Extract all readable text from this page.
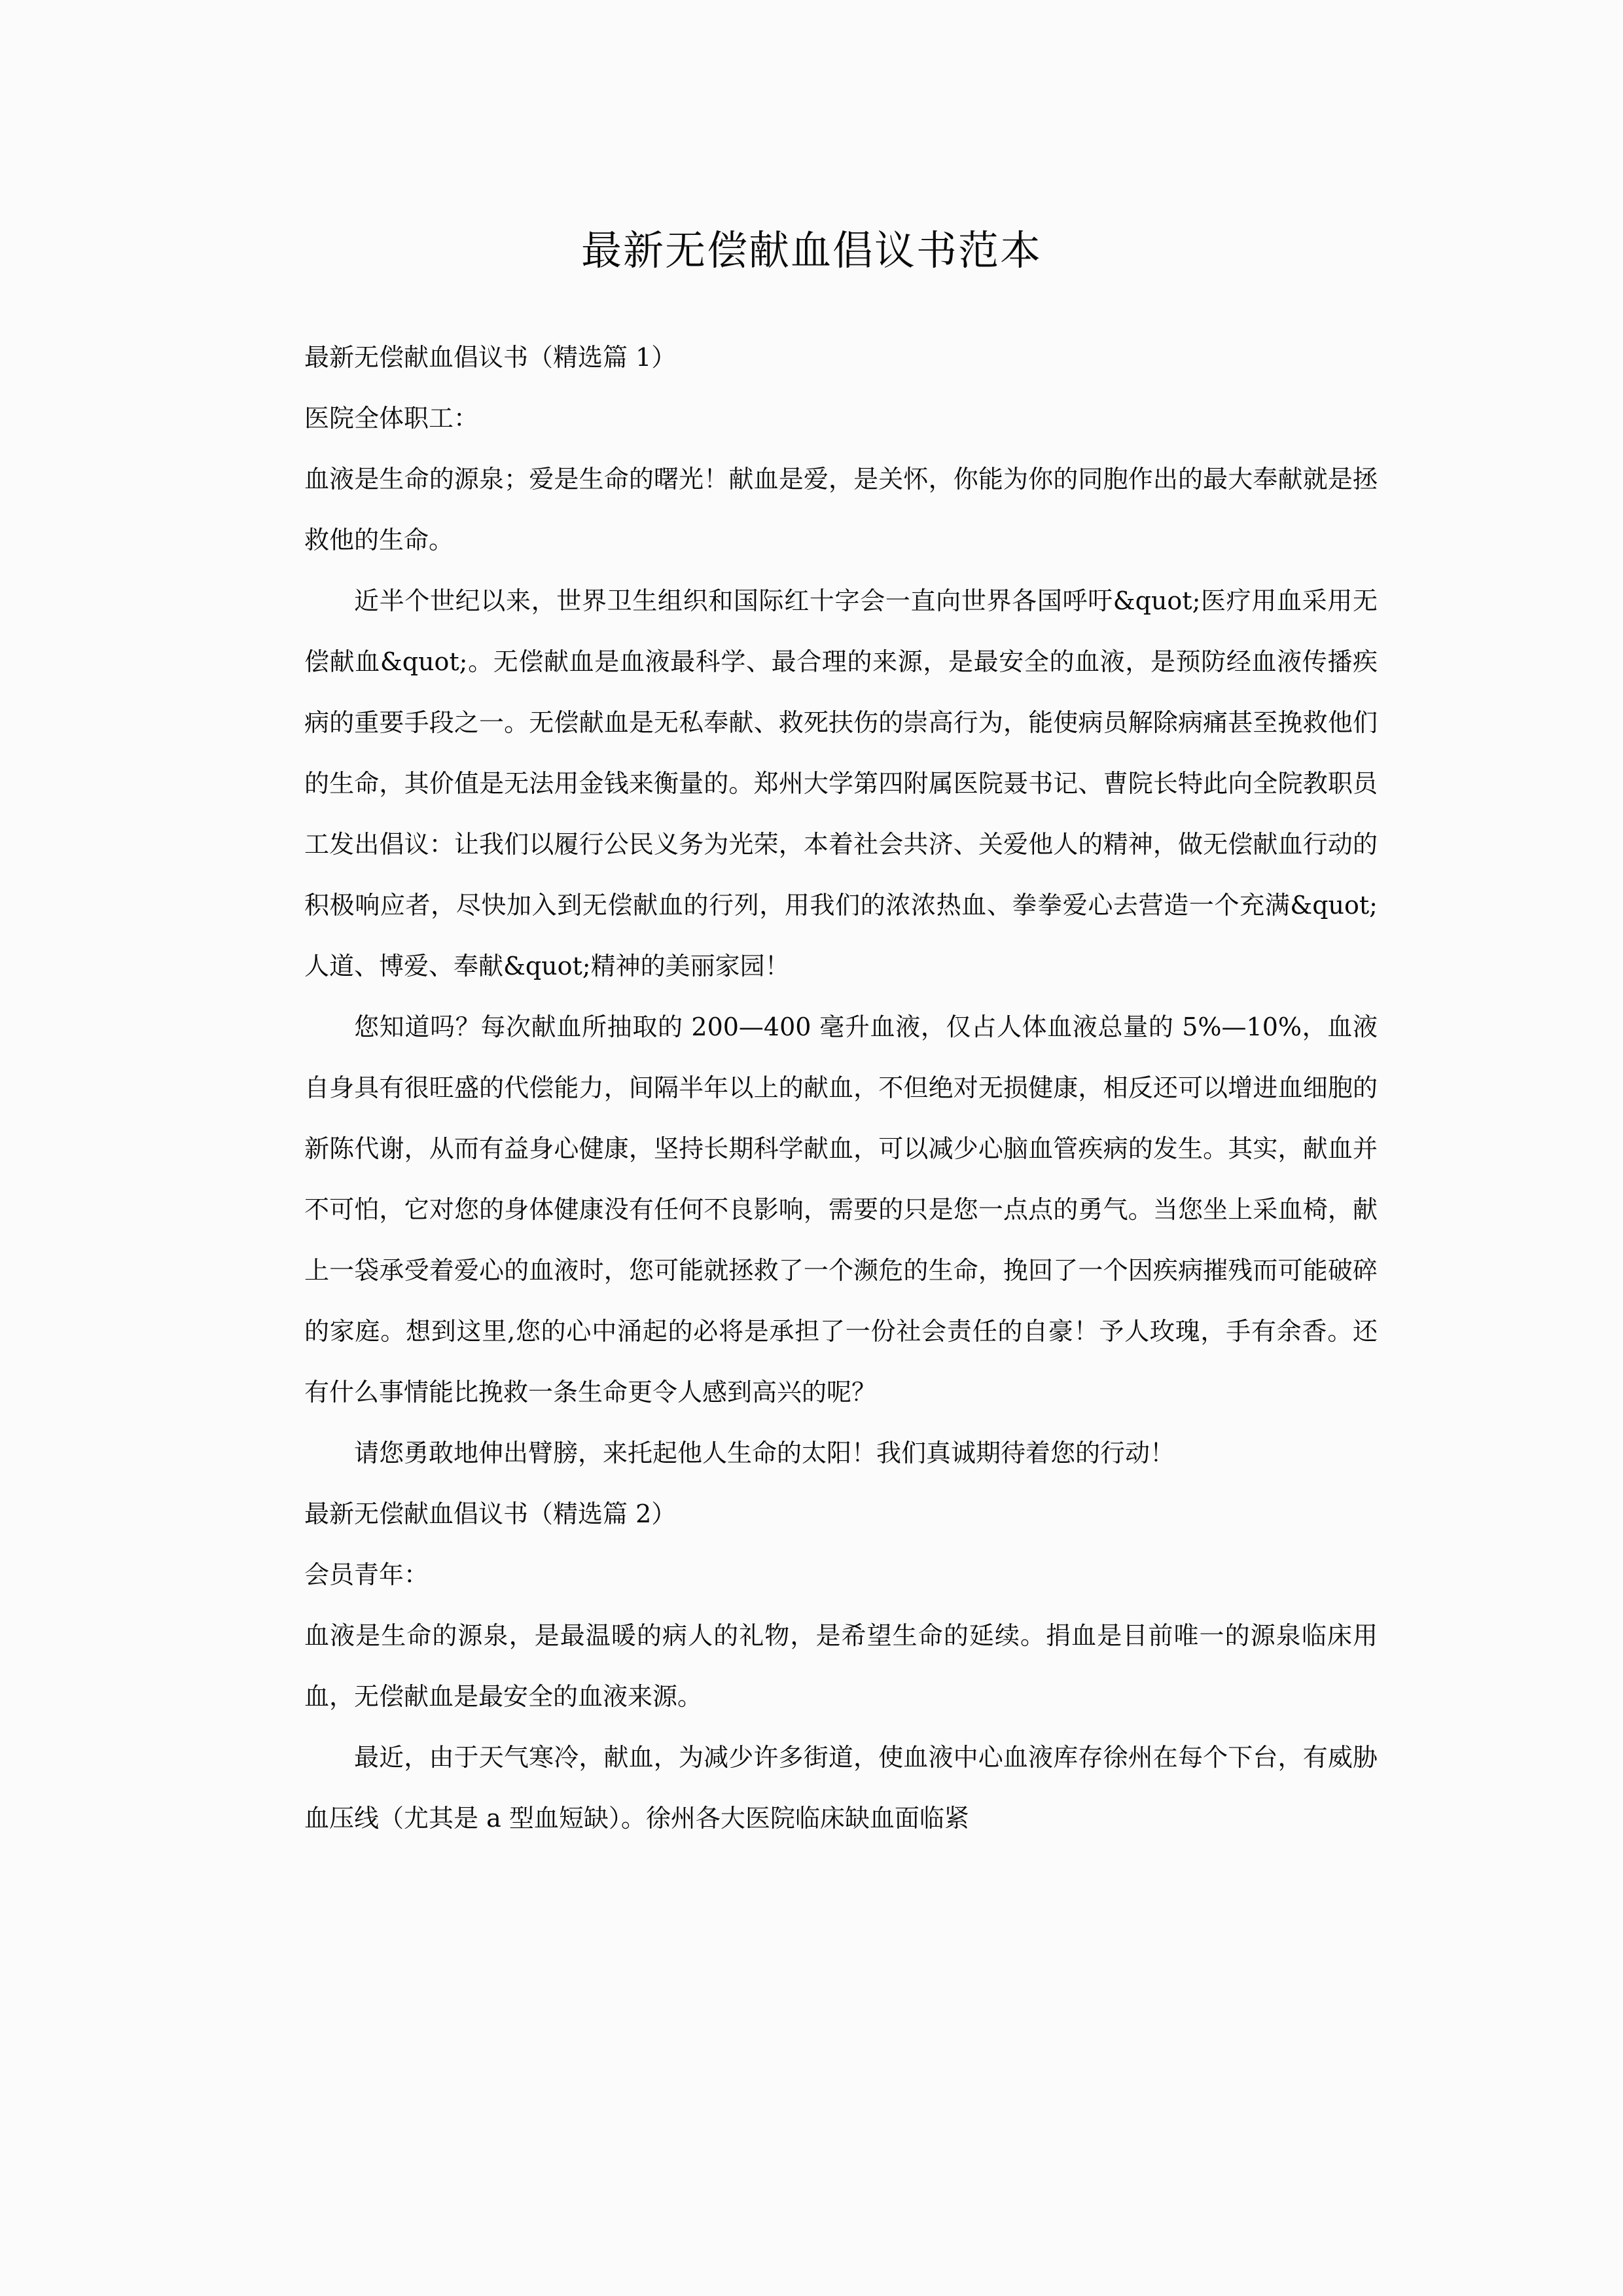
最新无偿献血倡议书范本

最新无偿献血倡议书（精选篇 1）

医院全体职工：

血液是生命的源泉；爱是生命的曙光！献血是爱，是关怀，你能为你的同胞作出的最大奉献就是拯救他的生命。

近半个世纪以来，世界卫生组织和国际红十字会一直向世界各国呼吁&quot;医疗用血采用无偿献血&quot;。无偿献血是血液最科学、最合理的来源，是最安全的血液，是预防经血液传播疾病的重要手段之一。无偿献血是无私奉献、救死扶伤的崇高行为，能使病员解除病痛甚至挽救他们的生命，其价值是无法用金钱来衡量的。郑州大学第四附属医院聂书记、曹院长特此向全院教职员工发出倡议：让我们以履行公民义务为光荣，本着社会共济、关爱他人的精神，做无偿献血行动的积极响应者，尽快加入到无偿献血的行列，用我们的浓浓热血、拳拳爱心去营造一个充满&quot;人道、博爱、奉献&quot;精神的美丽家园！

您知道吗？每次献血所抽取的 200—400 毫升血液，仅占人体血液总量的 5%—10%，血液自身具有很旺盛的代偿能力，间隔半年以上的献血，不但绝对无损健康，相反还可以增进血细胞的新陈代谢，从而有益身心健康，坚持长期科学献血，可以减少心脑血管疾病的发生。其实，献血并不可怕，它对您的身体健康没有任何不良影响，需要的只是您一点点的勇气。当您坐上采血椅，献上一袋承受着爱心的血液时，您可能就拯救了一个濒危的生命，挽回了一个因疾病摧残而可能破碎的家庭。想到这里,您的心中涌起的必将是承担了一份社会责任的自豪！予人玫瑰，手有余香。还有什么事情能比挽救一条生命更令人感到高兴的呢？

请您勇敢地伸出臂膀，来托起他人生命的太阳！我们真诚期待着您的行动！

最新无偿献血倡议书（精选篇 2）

会员青年：

血液是生命的源泉，是最温暖的病人的礼物，是希望生命的延续。捐血是目前唯一的源泉临床用血，无偿献血是最安全的血液来源。

最近，由于天气寒冷，献血，为减少许多街道，使血液中心血液库存徐州在每个下台，有威胁血压线（尤其是 a 型血短缺）。徐州各大医院临床缺血面临紧
